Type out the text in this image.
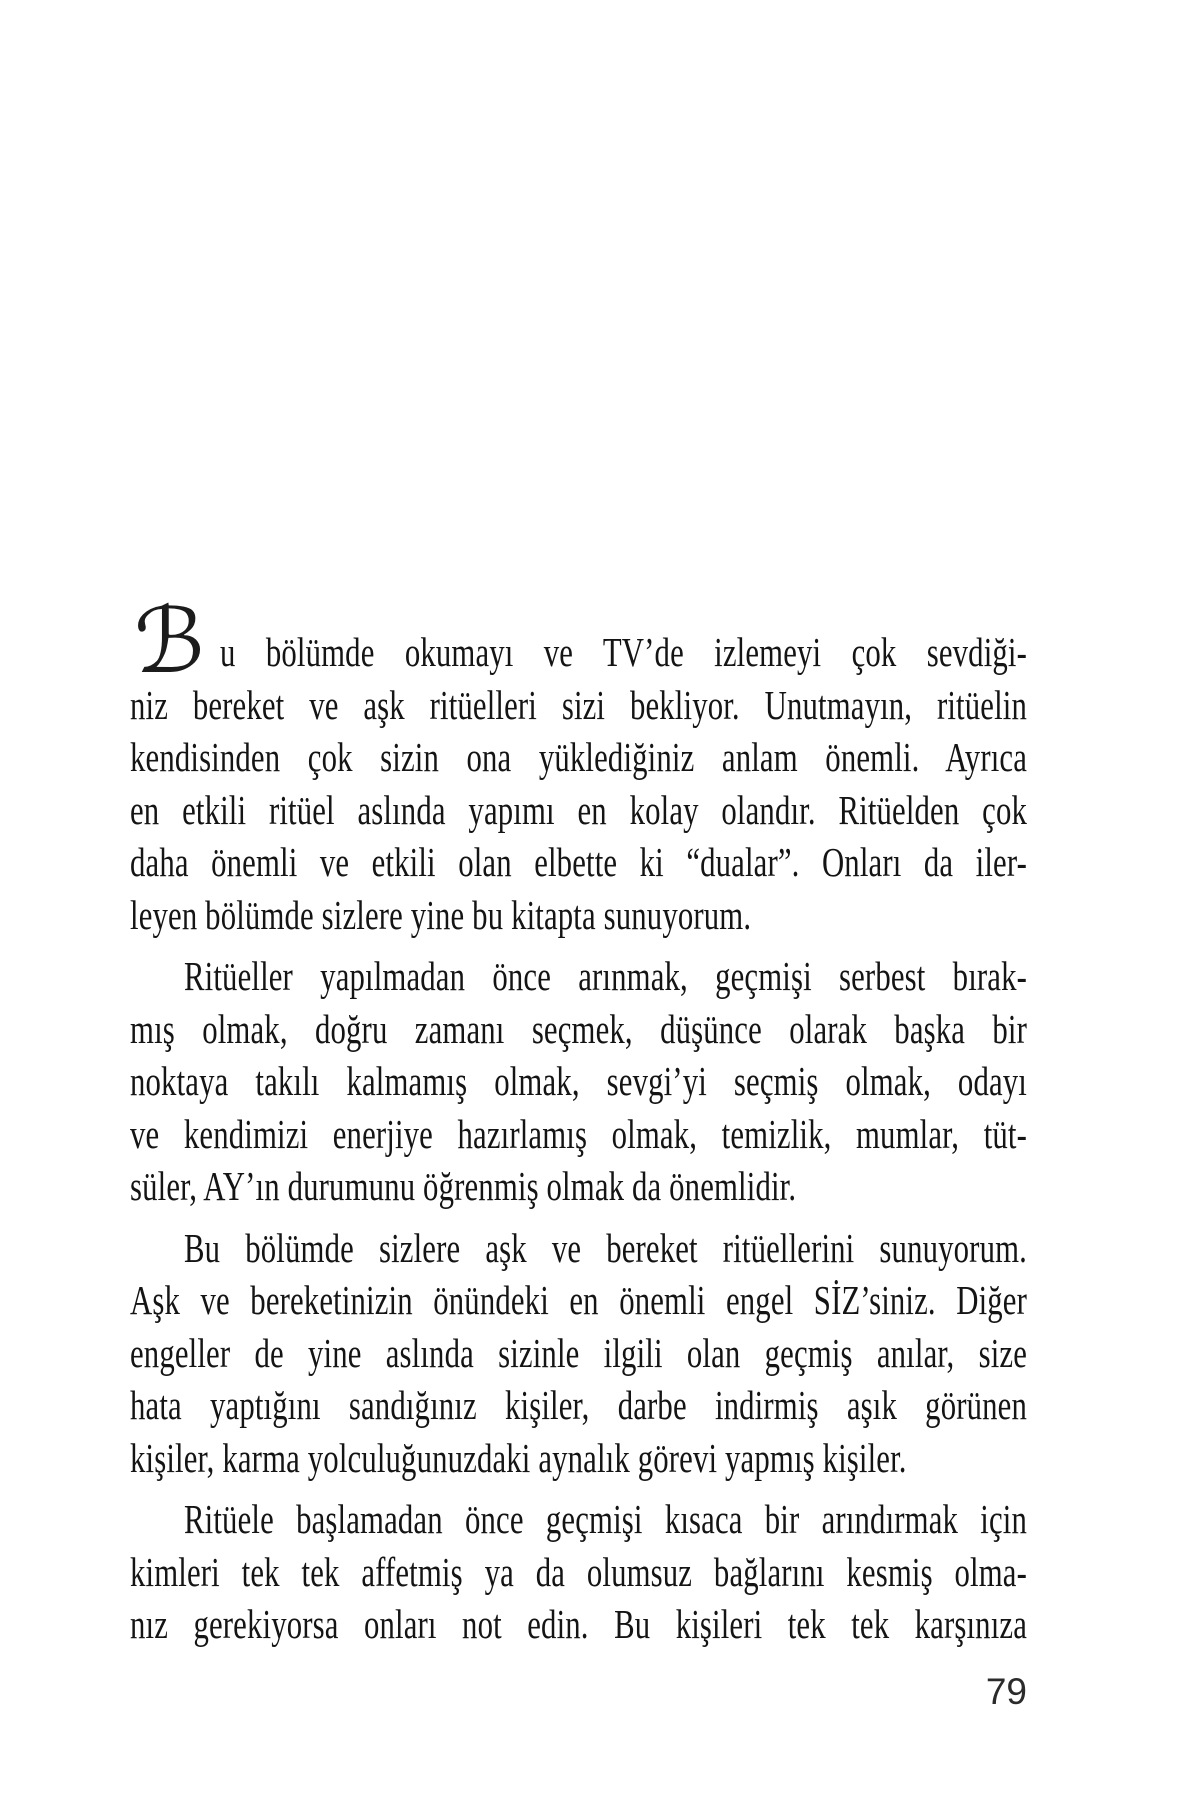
ℬ u bölümde okumayı ve TV’de izlemeyi çok sevdiği-
niz bereket ve aşk ritüelleri sizi bekliyor. Unutmayın, ritüelin
kendisinden çok sizin ona yüklediğiniz anlam önemli. Ayrıca
en etkili ritüel aslında yapımı en kolay olandır. Ritüelden çok
daha önemli ve etkili olan elbette ki “dualar”. Onları da iler-
leyen bölümde sizlere yine bu kitapta sunuyorum.
Ritüeller yapılmadan önce arınmak, geçmişi serbest bırak-
mış olmak, doğru zamanı seçmek, düşünce olarak başka bir
noktaya takılı kalmamış olmak, sevgi’yi seçmiş olmak, odayı
ve kendimizi enerjiye hazırlamış olmak, temizlik, mumlar, tüt-
süler, AY’ın durumunu öğrenmiş olmak da önemlidir.
Bu bölümde sizlere aşk ve bereket ritüellerini sunuyorum.
Aşk ve bereketinizin önündeki en önemli engel SİZ’siniz. Diğer
engeller de yine aslında sizinle ilgili olan geçmiş anılar, size
hata yaptığını sandığınız kişiler, darbe indirmiş aşık görünen
kişiler, karma yolculuğunuzdaki aynalık görevi yapmış kişiler.
Ritüele başlamadan önce geçmişi kısaca bir arındırmak için
kimleri tek tek affetmiş ya da olumsuz bağlarını kesmiş olma-
nız gerekiyorsa onları not edin. Bu kişileri tek tek karşınıza
79
